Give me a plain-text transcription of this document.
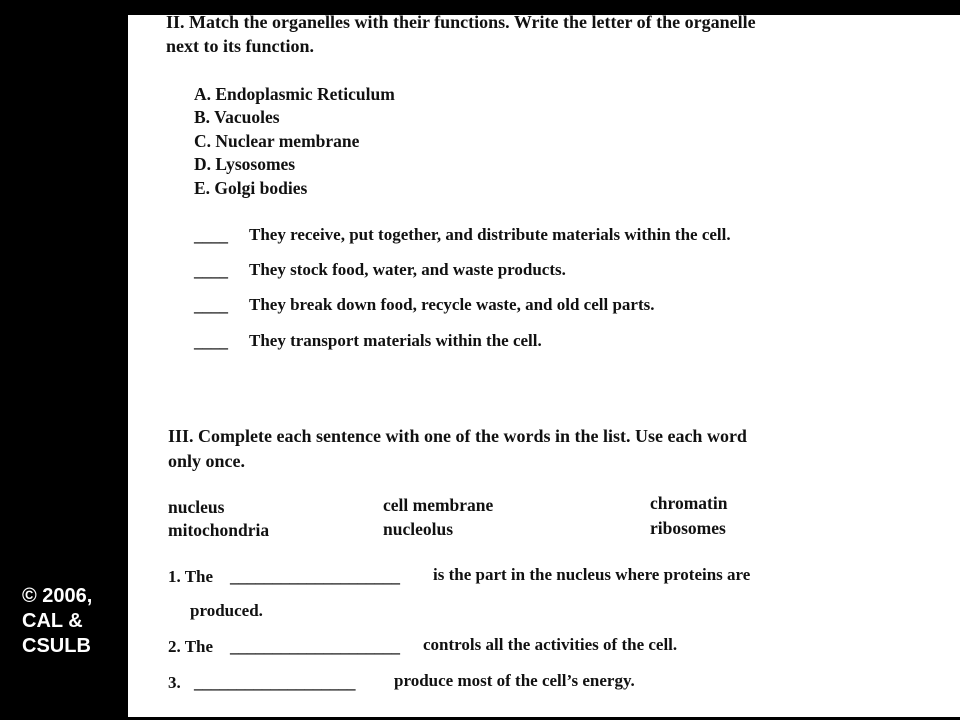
© 2006,
CAL &
CSULB
II. Match the organelles with their functions. Write the letter of the organelle
next to its function.
A. Endoplasmic Reticulum
B. Vacuoles
C. Nuclear membrane
D. Lysosomes
E. Golgi bodies
____ They receive, put together, and distribute materials within the cell.
____ They stock food, water, and waste products.
____ They break down food, recycle waste, and old cell parts.
____ They transport materials within the cell.
III. Complete each sentence with one of the words in the list. Use each word
only once.
nucleus	cell membrane	chromatin
mitochondria	nucleolus	ribosomes
1. The ____________________ is the part in the nucleus where proteins are
produced.
2. The ____________________ controls all the activities of the cell.
3. ___________________ produce most of the cell’s energy.
